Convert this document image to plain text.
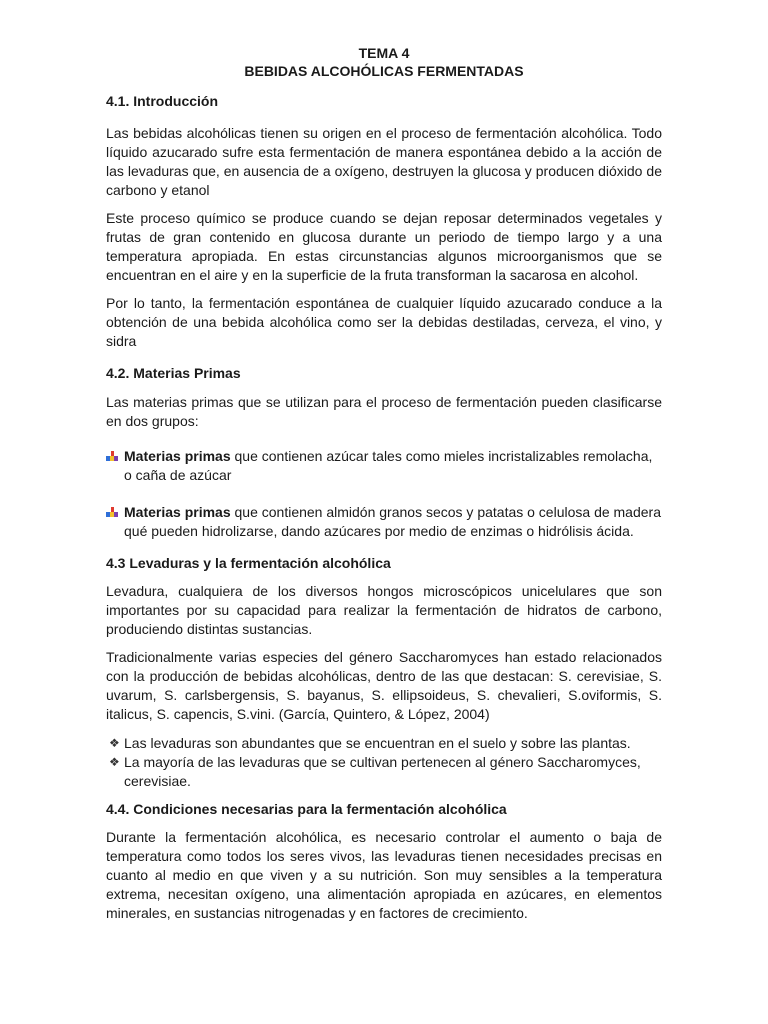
TEMA 4
BEBIDAS ALCOHÓLICAS FERMENTADAS
4.1. Introducción

Las bebidas alcohólicas tienen su origen en el proceso de fermentación alcohólica. Todo líquido azucarado sufre esta fermentación de manera espontánea debido a la acción de las levaduras que, en ausencia de a oxígeno, destruyen la glucosa y producen dióxido de carbono y etanol

Este proceso químico se produce cuando se dejan reposar determinados vegetales y frutas de gran contenido en glucosa durante un periodo de tiempo largo y a una temperatura apropiada. En estas circunstancias algunos microorganismos que se encuentran en el aire y en la superficie de la fruta transforman la sacarosa en alcohol.

Por lo tanto, la fermentación espontánea de cualquier líquido azucarado conduce a la obtención de una bebida alcohólica como ser la debidas destiladas, cerveza, el vino, y sidra

4.2. Materias Primas

Las materias primas que se utilizan para el proceso de fermentación pueden clasificarse en dos grupos:

Materias primas que contienen azúcar tales como mieles incristalizables remolacha, o caña de azúcar
Materias primas que contienen almidón granos secos y patatas o celulosa de madera qué pueden hidrolizarse, dando azúcares por medio de enzimas o hidrólisis ácida.
4.3 Levaduras y la fermentación alcohólica

Levadura, cualquiera de los diversos hongos microscópicos unicelulares que son importantes por su capacidad para realizar la fermentación de hidratos de carbono, produciendo distintas sustancias.

Tradicionalmente varias especies del género Saccharomyces han estado relacionados con la producción de bebidas alcohólicas, dentro de las que destacan: S. cerevisiae, S. uvarum, S. carlsbergensis, S. bayanus, S. ellipsoideus, S. chevalieri, S.oviformis, S. italicus, S. capencis, S.vini. (García, Quintero, & López, 2004)

❖ Las levaduras son abundantes que se encuentran en el suelo y sobre las plantas.
❖ La mayoría de las levaduras que se cultivan pertenecen al género Saccharomyces, cerevisiae.
4.4. Condiciones necesarias para la fermentación alcohólica

Durante la fermentación alcohólica, es necesario controlar el aumento o baja de temperatura como todos los seres vivos, las levaduras tienen necesidades precisas en cuanto al medio en que viven y a su nutrición. Son muy sensibles a la temperatura extrema, necesitan oxígeno, una alimentación apropiada en azúcares, en elementos minerales, en sustancias nitrogenadas y en factores de crecimiento.
